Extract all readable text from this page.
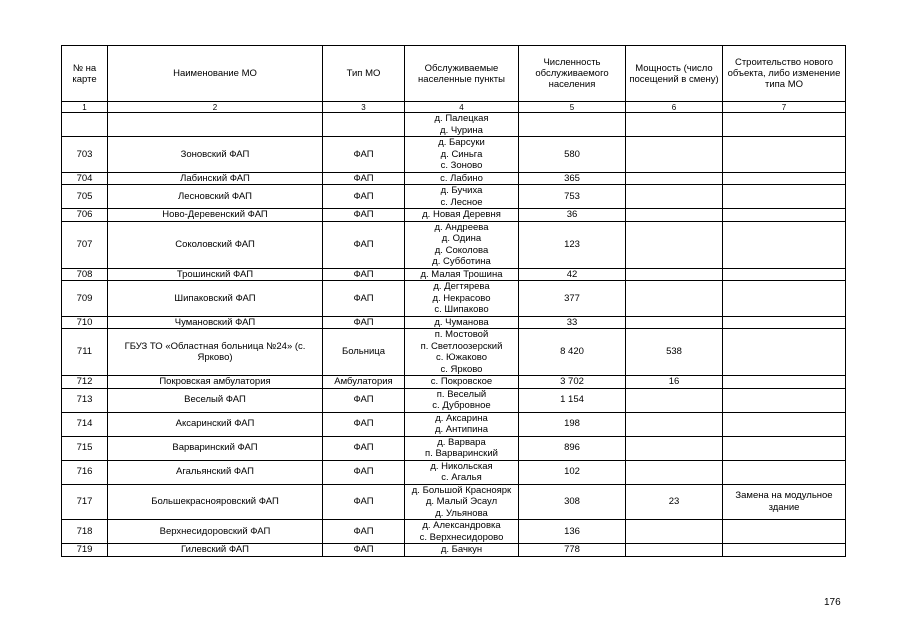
№ на карте	Наименование МО	Тип МО	Обслуживаемые населенные пункты	Численность обслуживаемого населения	Мощность (число посещений в смену)	Строительство нового объекта, либо изменение типа МО
1	2	3	4	5	6	7

			д. Палецкая
д. Чурина			

703	Зоновский ФАП	ФАП	д. Барсуки
д. Синьга
с. Зоново	580		
704	Лабинский ФАП	ФАП	с. Лабино	365		
705	Лесновский ФАП	ФАП	д. Бучиха
с. Лесное	753		
706	Ново-Деревенский ФАП	ФАП	д. Новая Деревня	36		
707	Соколовский ФАП	ФАП	д. Андреева
д. Одина
д. Соколова
д. Субботина	123		
708	Трошинский ФАП	ФАП	д. Малая Трошина	42		
709	Шипаковский ФАП	ФАП	д. Дегтярева
д. Некрасово
с. Шипаково	377		
710	Чумановский ФАП	ФАП	д. Чуманова	33		
711	ГБУЗ ТО «Областная больница №24» (с. Ярково)	Больница	п. Мостовой
п. Светлоозерский
с. Южаково
с. Ярково	8 420	538	
712	Покровская амбулатория	Амбулатория	с. Покровское	3 702	16	
713	Веселый ФАП	ФАП	п. Веселый
с. Дубровное	1 154		
714	Аксаринский ФАП	ФАП	д. Аксарина
д. Антипина	198		
715	Варваринский ФАП	ФАП	д. Варвара
п. Варваринский	896		
716	Агальянский ФАП	ФАП	д. Никольская
с. Агалья	102		
717	Большекрасноярoвский ФАП	ФАП	д. Большой Красноярк
д. Малый Эсаул
д. Ульянова	308	23	Замена на модульное здание
718	Верхнесидоровский ФАП	ФАП	д. Александровка
с. Верхнесидорово	136		
719	Гилевский ФАП	ФАП	д. Бачкун	778		
176
